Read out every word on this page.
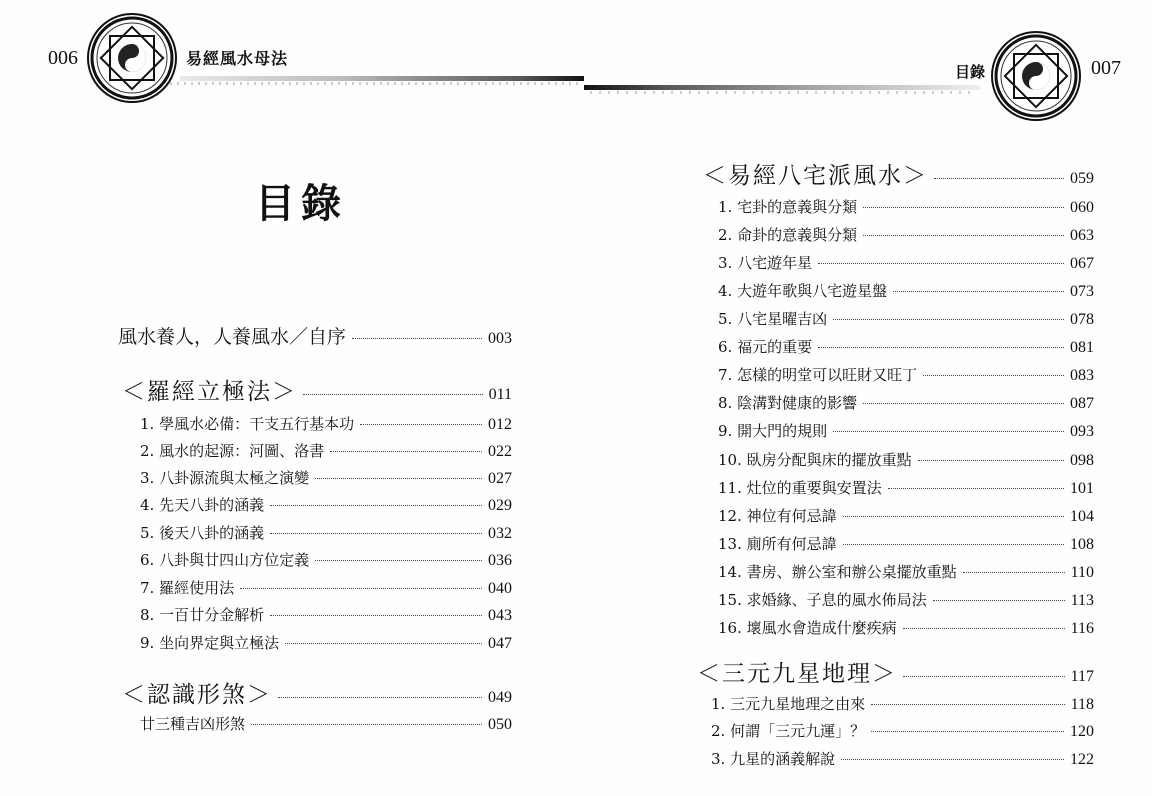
006	007
易經風水母法
目錄
目錄
風水養人，人養風水／自序	003
＜羅經立極法＞	011
1. 學風水必備：干支五行基本功	012
2. 風水的起源：河圖、洛書	022
3. 八卦源流與太極之演變	027
4. 先天八卦的涵義	029
5. 後天八卦的涵義	032
6. 八卦與廿四山方位定義	036
7. 羅經使用法	040
8. 一百廿分金解析	043
9. 坐向界定與立極法	047
＜認識形煞＞	049
廿三種吉凶形煞	050
＜易經八宅派風水＞	059
1. 宅卦的意義與分類	060
2. 命卦的意義與分類	063
3. 八宅遊年星	067
4. 大遊年歌與八宅遊星盤	073
5. 八宅星曜吉凶	078
6. 福元的重要	081
7. 怎樣的明堂可以旺財又旺丁	083
8. 陰溝對健康的影響	087
9. 開大門的規則	093
10. 臥房分配與床的擺放重點	098
11. 灶位的重要與安置法	101
12. 神位有何忌諱	104
13. 廁所有何忌諱	108
14. 書房、辦公室和辦公桌擺放重點	110
15. 求婚緣、子息的風水佈局法	113
16. 壞風水會造成什麼疾病	116
＜三元九星地理＞	117
1. 三元九星地理之由來	118
2. 何謂「三元九運」？	120
3. 九星的涵義解說	122
